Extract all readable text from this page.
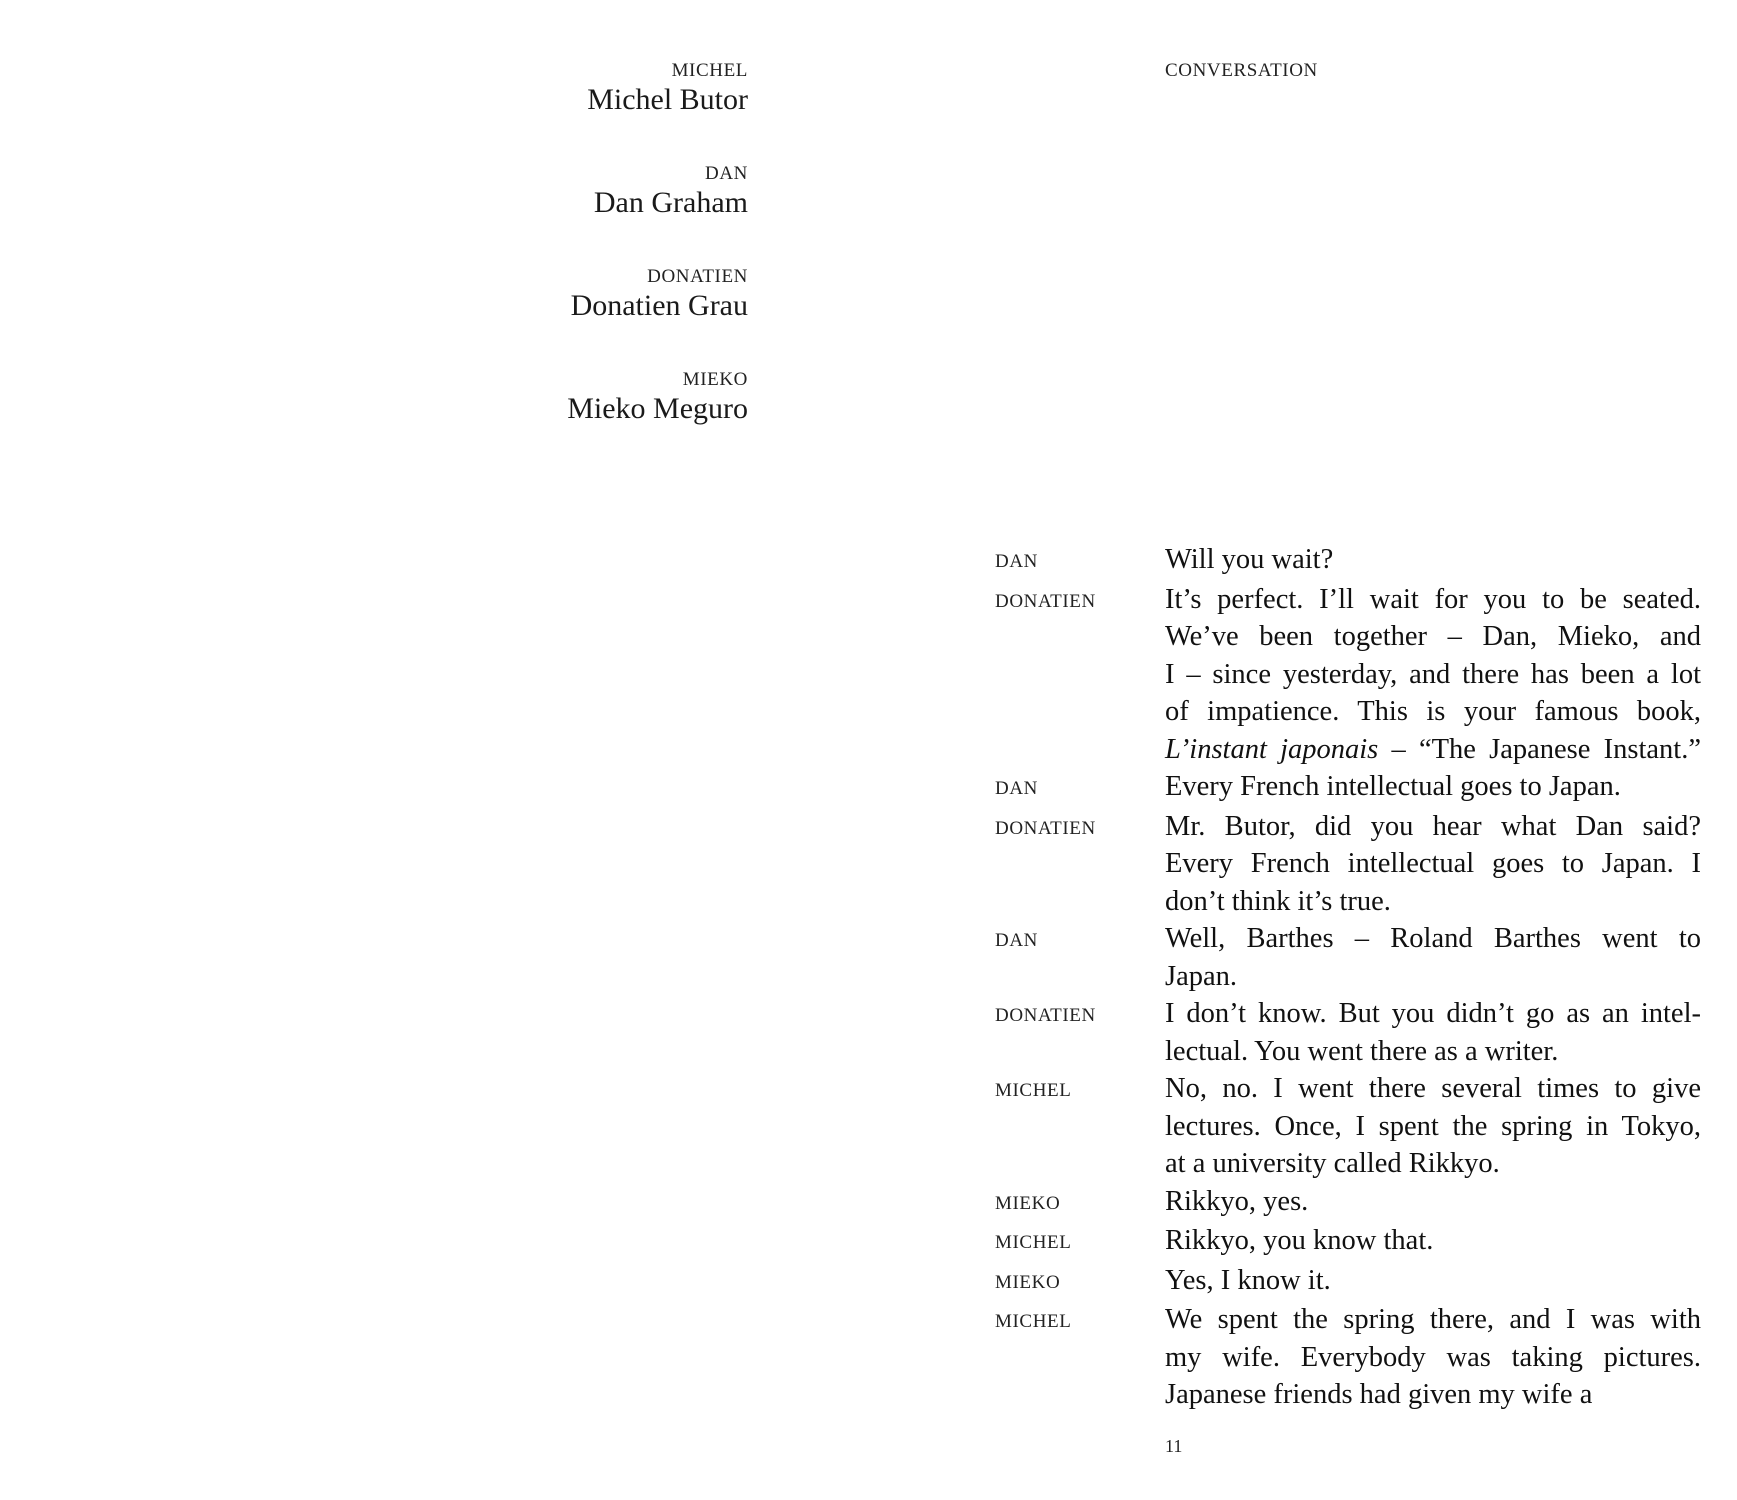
MICHEL
Michel Butor
DAN
Dan Graham
DONATIEN
Donatien Grau
MIEKO
Mieko Meguro
CONVERSATION
DAN	Will you wait?
DONATIEN	It’s perfect. I’ll wait for you to be seated.
We’ve been together – Dan, Mieko, and
I – since yesterday, and there has been a lot
of impatience. This is your famous book,
L’instant japonais – “The Japanese Instant.”
DAN	Every French intellectual goes to Japan.
DONATIEN	Mr. Butor, did you hear what Dan said?
Every French intellectual goes to Japan. I
don’t think it’s true.
DAN	Well, Barthes – Roland Barthes went to
Japan.
DONATIEN	I don’t know. But you didn’t go as an intel-
lectual. You went there as a writer.
MICHEL	No, no. I went there several times to give
lectures. Once, I spent the spring in Tokyo,
at a university called Rikkyo.
MIEKO	Rikkyo, yes.
MICHEL	Rikkyo, you know that.
MIEKO	Yes, I know it.
MICHEL	We spent the spring there, and I was with
my wife. Everybody was taking pictures.
Japanese friends had given my wife a
11
